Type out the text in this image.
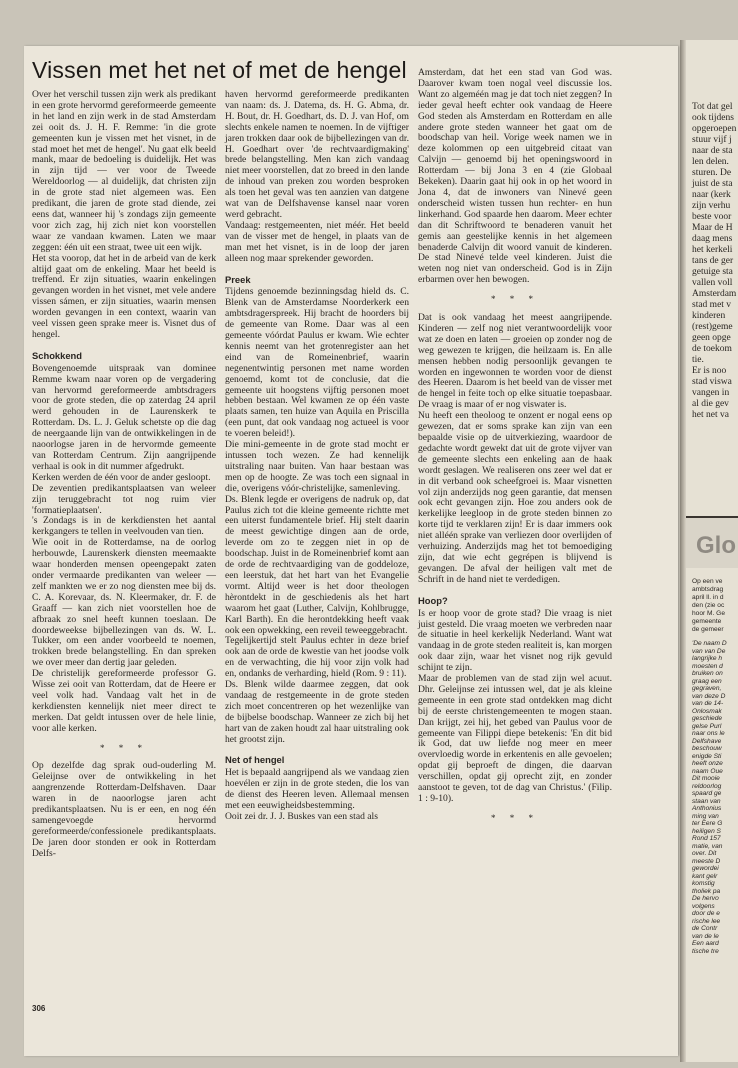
Vissen met het net of met de hengel

Over het verschil tussen zijn werk als predikant in een grote hervormd gereformeerde gemeente in het land en zijn werk in de stad Amsterdam zei ooit ds. J. H. F. Remme: 'in die grote gemeenten kun je vissen met het visnet, in de stad moet het met de hengel'. Nu gaat elk beeld mank, maar de bedoeling is duidelijk. Het was in zijn tijd — ver voor de Tweede Wereldoorlog — al duidelijk, dat christen zijn in de grote stad niet algemeen was. Een predikant, die jaren de grote stad diende, zei eens dat, wanneer hij 's zondags zijn gemeente voor zich zag, hij zich niet kon voorstellen waar ze vandaan kwamen. Laten we maar zeggen: één uit een straat, twee uit een wijk.

Het sta voorop, dat het in de arbeid van de kerk altijd gaat om de enkeling. Maar het beeld is treffend. Er zijn situaties, waarin enkelingen gevangen worden in het visnet, met vele andere vissen sámen, er zijn situaties, waarin mensen worden gevangen in een context, waarin van veel vissen geen sprake meer is. Visnet dus of hengel.

Schokkend

Bovengenoemde uitspraak van dominee Remme kwam naar voren op de vergadering van hervormd gereformeerde ambtsdragers voor de grote steden, die op zaterdag 24 april werd gehouden in de Laurenskerk te Rotterdam. Ds. L. J. Geluk schetste op die dag de neergaande lijn van de ontwikkelingen in de naoorlogse jaren in de hervormde gemeente van Rotterdam Centrum. Zijn aangrijpende verhaal is ook in dit nummer afgedrukt.

Kerken werden de één voor de ander gesloopt.

De zeventien predikantsplaatsen van weleer zijn teruggebracht tot nog ruim vier 'formatieplaatsen'.

's Zondags is in de kerkdiensten het aantal kerkgangers te tellen in veelvouden van tien.

Wie ooit in de Rotterdamse, na de oorlog herbouwde, Laurenskerk diensten meemaakte waar honderden mensen opeengepakt zaten onder vermaarde predikanten van weleer — zelf mankten we er zo nog diensten mee bij ds. C. A. Korevaar, ds. N. Kleermaker, dr. F. de Graaff — kan zich niet voorstellen hoe de afbraak zo snel heeft kunnen toeslaan. De doordeweekse bijbellezingen van ds. W. L. Tukker, om een ander voorbeeld te noemen, trokken brede belangstelling. En dan spreken we over meer dan dertig jaar geleden.

De christelijk gereformeerde professor G. Wisse zei ooit van Rotterdam, dat de Heere er veel volk had. Vandaag valt het in de kerkdiensten kennelijk niet meer direct te merken. Dat geldt intussen over de hele linie, voor alle kerken.

* * *

Op dezelfde dag sprak oud-ouderling M. Geleijnse over de ontwikkeling in het aangrenzende Rotterdam-Delfshaven. Daar waren in de naoorlogse jaren acht predikantsplaatsen. Nu is er een, en nog één samengevoegde hervormd gereformeerde/confessionele predikantsplaats. De jaren door stonden er ook in Rotterdam Delfs-

haven hervormd gereformeerde predikanten van naam: ds. J. Datema, ds. H. G. Abma, dr. H. Bout, dr. H. Goedhart, ds. D. J. van Hof, om slechts enkele namen te noemen. In de vijftiger jaren trokken daar ook de bijbellezingen van dr. H. Goedhart over 'de rechtvaardigmaking' brede belangstelling. Men kan zich vandaag niet meer voorstellen, dat zo breed in den lande de inhoud van preken zou worden besproken als toen het geval was ten aanzien van datgene wat van de Delfshavense kansel naar voren werd gebracht.

Vandaag: restgemeenten, niet méér. Het beeld van de visser met de hengel, in plaats van de man met het visnet, is in de loop der jaren alleen nog maar sprekender geworden.

Preek

Tijdens genoemde bezinningsdag hield ds. C. Blenk van de Amsterdamse Noorderkerk een ambtsdragerspreek. Hij bracht de hoorders bij de gemeente van Rome. Daar was al een gemeente vóórdat Paulus er kwam. Wie echter kennis neemt van het grotenregister aan het eind van de Romeinenbrief, waarin negenentwintig personen met name worden genoemd, komt tot de conclusie, dat die gemeente uit hoogstens vijftig personen moet hebben bestaan. Wel kwamen ze op één vaste plaats samen, ten huize van Aquila en Priscilla (een punt, dat ook vandaag nog actueel is voor te voeren beleid!).

Die mini-gemeente in de grote stad mocht er intussen toch wezen. Ze had kennelijk uitstraling naar buiten. Van haar bestaan was men op de hoogte. Ze was toch een signaal in die, overigens vóór-christelijke, samenleving.

Ds. Blenk legde er overigens de nadruk op, dat Paulus zich tot die kleine gemeente richtte met een uiterst fundamentele brief. Hij stelt daarin de meest gewichtige dingen aan de orde, leverde om zo te zeggen niet in op de boodschap. Juist in de Romeinenbrief komt aan de orde de rechtvaardiging van de goddeloze, een leerstuk, dat het hart van het Evangelie vormt. Altijd weer is het door theologen hèrontdekt in de geschiedenis als het hart waarom het gaat (Luther, Calvijn, Kohlbrugge, Karl Barth). En die herontdekking heeft vaak ook een opwekking, een reveil teweeggebracht.

Tegelijkertijd stelt Paulus echter in deze brief ook aan de orde de kwestie van het joodse volk en de verwachting, die hij voor zijn volk had en, ondanks de verharding, hield (Rom. 9 : 11).

Ds. Blenk wilde daarmee zeggen, dat ook vandaag de restgemeente in de grote steden zich moet concentreren op het wezenlijke van de bijbelse boodschap. Wanneer ze zich bij het hart van de zaken houdt zal haar uitstraling ook het grootst zijn.

Net of hengel

Het is bepaald aangrijpend als we vandaag zien hoevélen er zijn in de grote steden, die los van de dienst des Heeren leven. Allemaal mensen met een eeuwigheidsbestemming.

Ooit zei dr. J. J. Buskes van een stad als

Amsterdam, dat het een stad van God was. Daarover kwam toen nogal veel discussie los. Want zo algeméén mag je dat toch niet zeggen? In ieder geval heeft echter ook vandaag de Heere God steden als Amsterdam en Rotterdam en alle andere grote steden wanneer het gaat om de boodschap van heil. Vorige week namen we in deze kolommen op een uitgebreid citaat van Calvijn — genoemd bij het openingswoord in Rotterdam — bij Jona 3 en 4 (zie Globaal Bekeken). Daarin gaat hij ook in op het woord in Jona 4, dat de inwoners van Ninevé geen onderscheid wisten tussen hun rechter- en hun linkerhand. God spaarde hen daarom. Meer echter dan dit Schriftwoord te benaderen vanuit het gemis aan geestelijke kennis in het algemeen benaderde Calvijn dit woord vanuit de kinderen. De stad Ninevé telde veel kinderen. Juist die weten nog niet van onderscheid. God is in Zijn erbarmen over hen bewogen.

* * *

Dat is ook vandaag het meest aangrijpende. Kinderen — zelf nog niet verantwoordelijk voor wat ze doen en laten — groeien op zonder nog de weg gewezen te krijgen, die heilzaam is. En alle mensen hebben nodig persoonlijk gevangen te worden en ingewonnen te worden voor de dienst des Heeren. Daarom is het beeld van de visser met de hengel in feite toch op elke situatie toepasbaar. De vraag is maar of er nog viswater is.

Nu heeft een theoloog te onzent er nogal eens op gewezen, dat er soms sprake kan zijn van een bepaalde visie op de uitverkiezing, waardoor de gedachte wordt gewekt dat uit de grote vijver van de gemeente slechts een enkeling aan de haak wordt geslagen. We realiseren ons zeer wel dat er in dit verband ook scheefgroei is. Maar visnetten vol zijn anderzijds nog geen garantie, dat mensen ook echt gevangen zijn. Hoe zou anders ook de kerkelijke leegloop in de grote steden binnen zo korte tijd te verklaren zijn! Er is daar immers ook niet alléén sprake van verliezen door overlijden of verhuizing. Anderzijds mag het tot bemoediging zijn, dat wie echt gegrépen is blijvend is gevangen. De afval der heiligen valt met de Schrift in de hand niet te verdedigen.

Hoop?

Is er hoop voor de grote stad? Die vraag is niet juist gesteld. Die vraag moeten we verbreden naar de situatie in heel kerkelijk Nederland. Want wat vandaag in de grote steden realiteit is, kan morgen ook daar zijn, waar het visnet nog rijk gevuld schijnt te zijn.

Maar de problemen van de stad zijn wel acuut. Dhr. Geleijnse zei intussen wel, dat je als kleine gemeente in een grote stad ontdekken mag dicht bij de eerste christengemeenten te mogen staan. Dan krijgt, zei hij, het gebed van Paulus voor de gemeente van Filippi diepe betekenis: 'En dit bid ik God, dat uw liefde nog meer en meer overvloedig worde in erkentenis en alle gevoelen; opdat gij beproeft de dingen, die daarvan verschillen, opdat gij oprecht zijt, en zonder aanstoot te geven, tot de dag van Christus.' (Filip. 1 : 9-10).

* * *
306
Tot dat gel
ook tijdens
opgeroepen
stuur vijf j
naar de sta
len delen.
sturen. De
juist de sta
naar (kerk
zijn verhu
beste voor
Maar de H
daag mens
het kerkeli
tans de ger
getuige sta
vallen voll
Amsterdam
stad met v
kinderen
(rest)geme
geen opge
de toekom
tie.
Er is noo
stad viswa
vangen in
al die gev
het net va
Glo
Op een ve
ambtsdrag
april ll. in d
den (zie oc
hoor M. Ge
gemeente
de gemeer
'De naam D
van van De
langrijke h
moesten d
bruiken on
graag een
gegraven,
van deze D
van de 14-
Onlosmak
geschiede
gelse Purl
naar ons le
Delfshave
beschouw
enigde Sti
heeft onze
naam Oue
Dit mooie
reldoorlog
spaard ge
staan van
Anthonius
ming van
ter Eere G
heiligen S
Rond 157
matie, van
over. Dit
meeste D
gewordei
kant gelr
komstig
tholiek pa
De hervo
volgens
door de e
rische lee
de Contr
van de le
Een aard
tische tre
